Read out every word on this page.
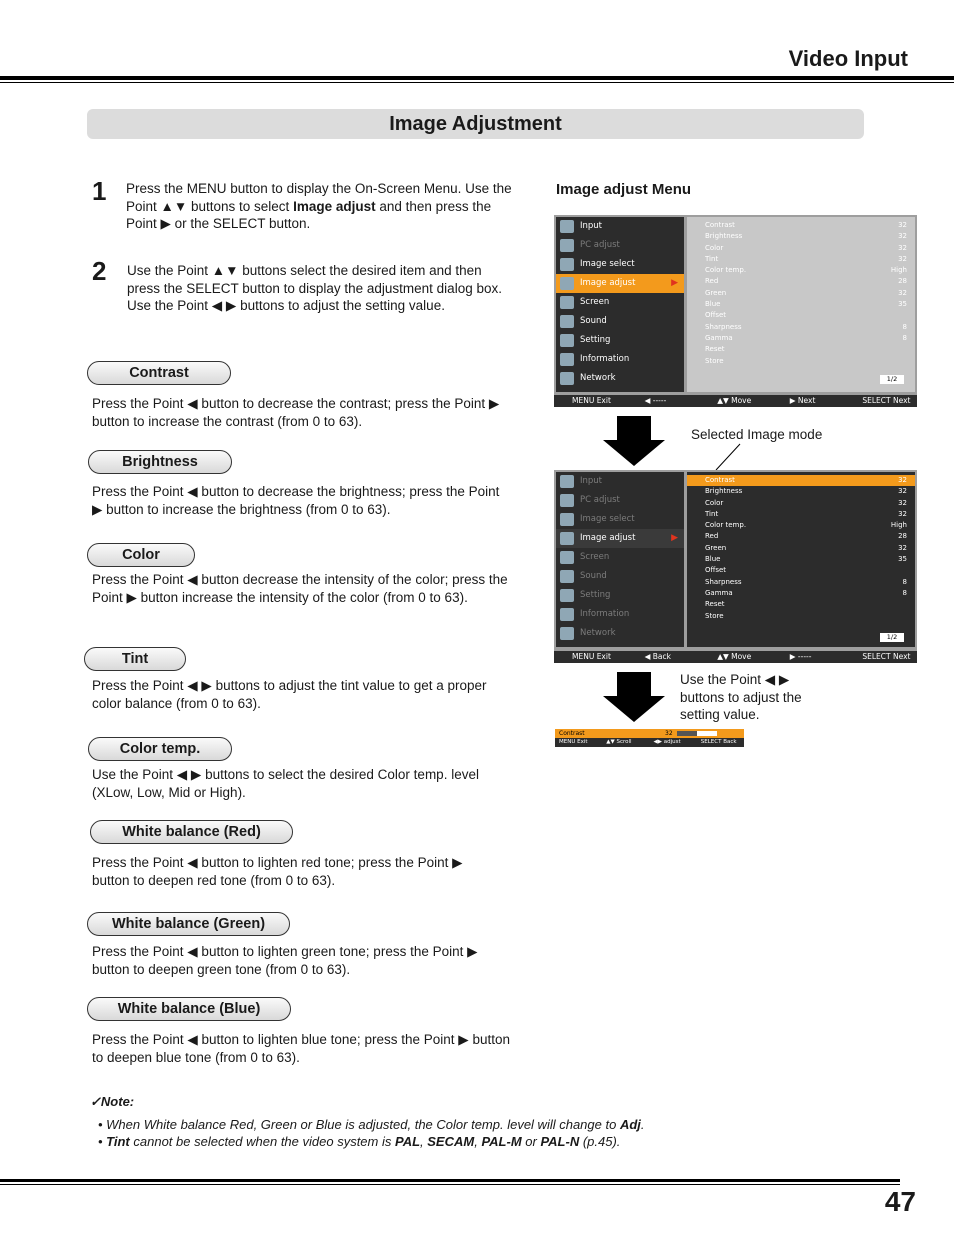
Video Input
Image Adjustment
1 Press the MENU button to display the On-Screen Menu. Use the Point ▲▼ buttons to select Image adjust and then press the Point ▶ or the SELECT button.
2 Use the Point ▲▼ buttons select the desired item and then press the SELECT button to display the adjustment dialog box. Use the Point ◀ ▶ buttons to adjust the setting value.
Contrast
Press the Point ◀ button to decrease the contrast; press the Point ▶ button to increase the contrast (from 0 to 63).
Brightness
Press the Point ◀ button to decrease the brightness; press the Point ▶ button to increase the brightness (from 0 to 63).
Color
Press the Point ◀ button decrease the intensity of the color; press the Point ▶ button increase the intensity of the color (from 0 to 63).
Tint
Press the Point ◀ ▶ buttons to adjust the tint value to get a proper color balance (from 0 to 63).
Color temp.
Use the Point ◀ ▶ buttons to select the desired Color temp. level (XLow, Low, Mid or High).
White balance (Red)
Press the Point ◀ button to lighten red tone; press the Point ▶ button to deepen red tone (from 0 to 63).
White balance (Green)
Press the Point ◀ button to lighten green tone; press the Point ▶ button to deepen green tone (from 0 to 63).
White balance (Blue)
Press the Point ◀ button to lighten blue tone; press the Point ▶ button to deepen blue tone (from 0 to 63).
Image adjust Menu
Input
PC adjust
Image select
Image adjust	▶
Screen
Sound
Setting
Information
Network
Contrast	32
Brightness	32
Color	32
Tint	32
Color temp.	High
Red	28
Green	32
Blue	35
Offset
Sharpness	8
Gamma	8
Reset
Store
1/2
MENU Exit	◀ -----	▲▼ Move	▶ Next	SELECT Next
Selected Image mode
Input
PC adjust
Image select
Image adjust	▶
Screen
Sound
Setting
Information
Network
Contrast	32
Brightness	32
Color	32
Tint	32
Color temp.	High
Red	28
Green	32
Blue	35
Offset
Sharpness	8
Gamma	8
Reset
Store
1/2
MENU Exit	◀ Back	▲▼ Move	▶ -----	SELECT Next
Use the Point ◀ ▶ buttons to adjust the setting value.
Contrast	32
MENU Exit	▲▼ Scroll	◀▶ adjust	SELECT Back
✓Note:
• When White balance Red, Green or Blue is adjusted, the Color temp. level will change to Adj.
• Tint cannot be selected when the video system is PAL, SECAM, PAL-M or PAL-N (p.45).
47
